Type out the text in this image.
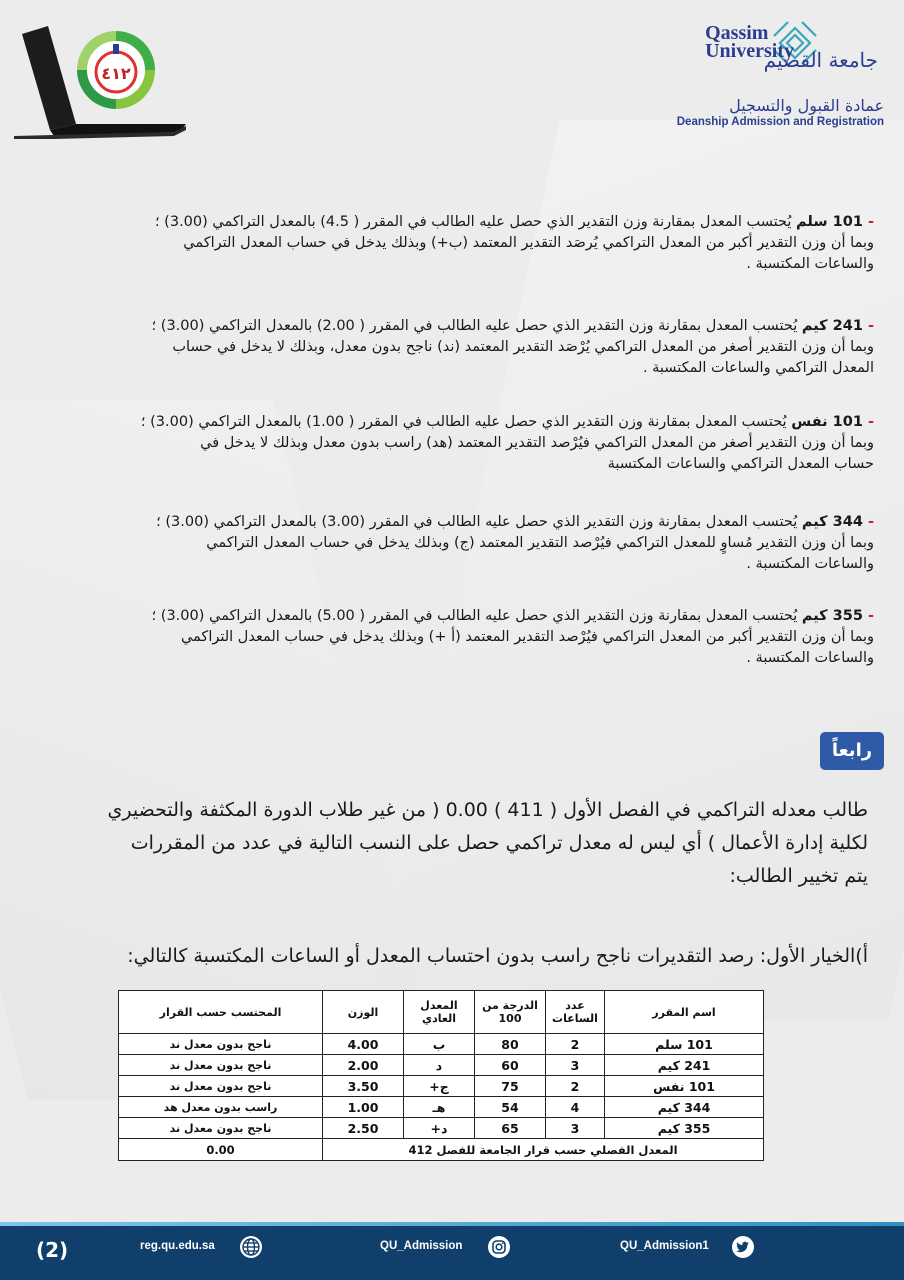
٤١٢
Qassim
University
جامعة القصيم
عمادة القبول والتسجيل
Deanship Admission and Registration
- 101 سلم يُحتسب المعدل بمقارنة وزن التقدير الذي حصل عليه الطالب في المقرر ( 4.5) بالمعدل التراكمي (3.00) ؛
وبما أن وزن التقدير أكبر من المعدل التراكمي يُرصَد التقدير المعتمد (ب+) وبذلك يدخل في حساب المعدل التراكمي
والساعات المكتسبة .
- 241 كيم يُحتسب المعدل بمقارنة وزن التقدير الذي حصل عليه الطالب في المقرر ( 2.00) بالمعدل التراكمي (3.00) ؛
وبما أن وزن التقدير أصغر من المعدل التراكمي يُرْصَد التقدير المعتمد (ند) ناجح بدون معدل، وبذلك لا يدخل في حساب
المعدل التراكمي والساعات المكتسبة .
- 101 نفس يُحتسب المعدل بمقارنة وزن التقدير الذي حصل عليه الطالب في المقرر ( 1.00) بالمعدل التراكمي (3.00) ؛
وبما أن وزن التقدير أصغر من المعدل التراكمي فيُرْصد التقدير المعتمد (هد) راسب بدون معدل وبذلك لا يدخل في
حساب المعدل التراكمي والساعات المكتسبة
- 344 كيم يُحتسب المعدل بمقارنة وزن التقدير الذي حصل عليه الطالب في المقرر (3.00) بالمعدل التراكمي (3.00) ؛
وبما أن وزن التقدير مُساوٍ للمعدل التراكمي فيُرْصد التقدير المعتمد (ج) وبذلك يدخل في حساب المعدل التراكمي
والساعات المكتسبة .
- 355 كيم يُحتسب المعدل بمقارنة وزن التقدير الذي حصل عليه الطالب في المقرر ( 5.00) بالمعدل التراكمي (3.00) ؛
وبما أن وزن التقدير أكبر من المعدل التراكمي فيُرْصد التقدير المعتمد (أ +) وبذلك يدخل في حساب المعدل التراكمي
والساعات المكتسبة .
رابعاً
طالب معدله التراكمي في الفصل الأول ( 411 ) 0.00 ( من غير طلاب الدورة المكثفة والتحضيري
لكلية إدارة الأعمال ) أي ليس له معدل تراكمي حصل على النسب التالية في عدد من المقررات
يتم تخيير الطالب:
أ)الخيار الأول: رصد التقديرات ناجح راسب بدون احتساب المعدل أو الساعات المكتسبة كالتالي:
اسم المقرر	عدد الساعات	الدرجة من 100	المعدل العادي	الوزن	المحتسب حسب القرار
101 سلم	2	80	ب	4.00	ناجح بدون معدل ند
241 كيم	3	60	د	2.00	ناجح بدون معدل ند
101 نفس	2	75	ج+	3.50	ناجح بدون معدل ند
344 كيم	4	54	هـ	1.00	راسب بدون معدل هد
355 كيم	3	65	د+	2.50	ناجح بدون معدل ند
المعدل الفصلي حسب قرار الجامعة للفصل 412					0.00
(2)	reg.qu.edu.sa	QU_Admission	QU_Admission1
